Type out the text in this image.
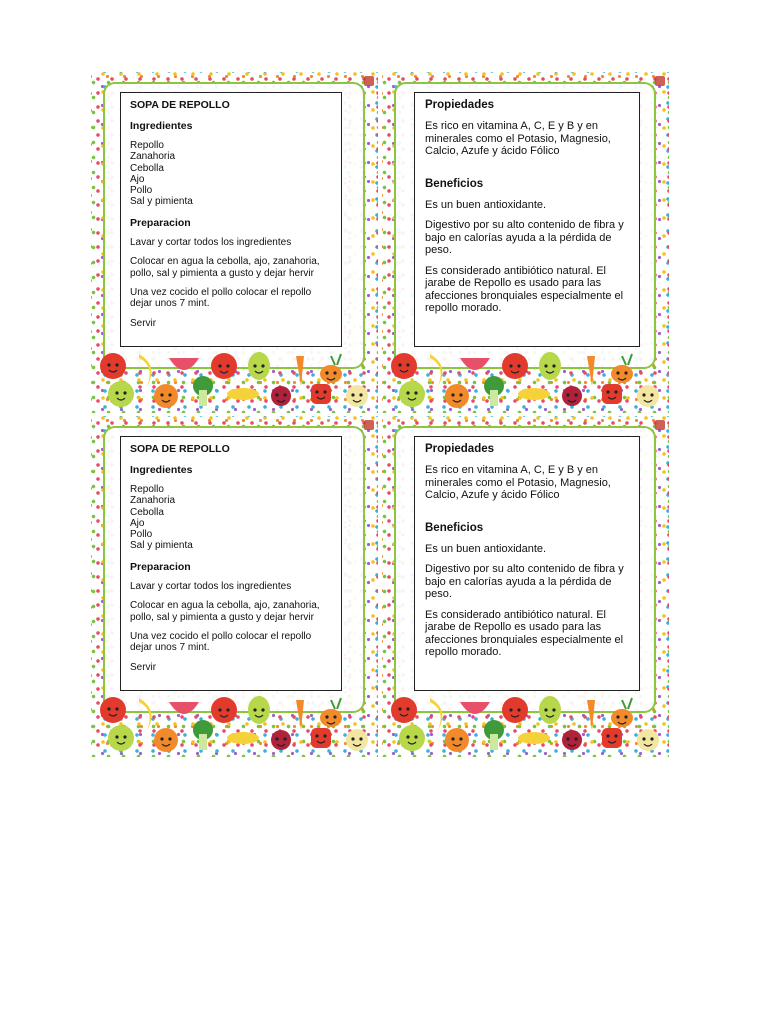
SOPA DE REPOLLO
Ingredientes
Repollo
Zanahoria
Cebolla
Ajo
Pollo
Sal y pimienta
Preparacion
Lavar y cortar todos los ingredientes
Colocar en agua la cebolla, ajo, zanahoria, pollo, sal y pimienta a gusto y dejar hervir
Una vez cocido el pollo colocar el repollo dejar unos 7 mint.
Servir
Propiedades
Es rico en vitamina A, C, E y B y en minerales como el Potasio, Magnesio, Calcio, Azufe y ácido Fólico
Beneficios
Es un buen antioxidante.
Digestivo por su alto contenido de fibra y bajo en calorías ayuda a la pérdida de peso.
Es considerado antibiótico natural. El jarabe de Repollo es usado para las afecciones bronquiales especialmente el repollo morado.
SOPA DE REPOLLO
Ingredientes
Repollo
Zanahoria
Cebolla
Ajo
Pollo
Sal y pimienta
Preparacion
Lavar y cortar todos los ingredientes
Colocar en agua la cebolla, ajo, zanahoria, pollo, sal y pimienta a gusto y dejar hervir
Una vez cocido el pollo colocar el repollo dejar unos 7 mint.
Servir
Propiedades
Es rico en vitamina A, C, E y B y en minerales como el Potasio, Magnesio, Calcio, Azufe y ácido Fólico
Beneficios
Es un buen antioxidante.
Digestivo por su alto contenido de fibra y bajo en calorías ayuda a la pérdida de peso.
Es considerado antibiótico natural. El jarabe de Repollo es usado para las afecciones bronquiales especialmente el repollo morado.
